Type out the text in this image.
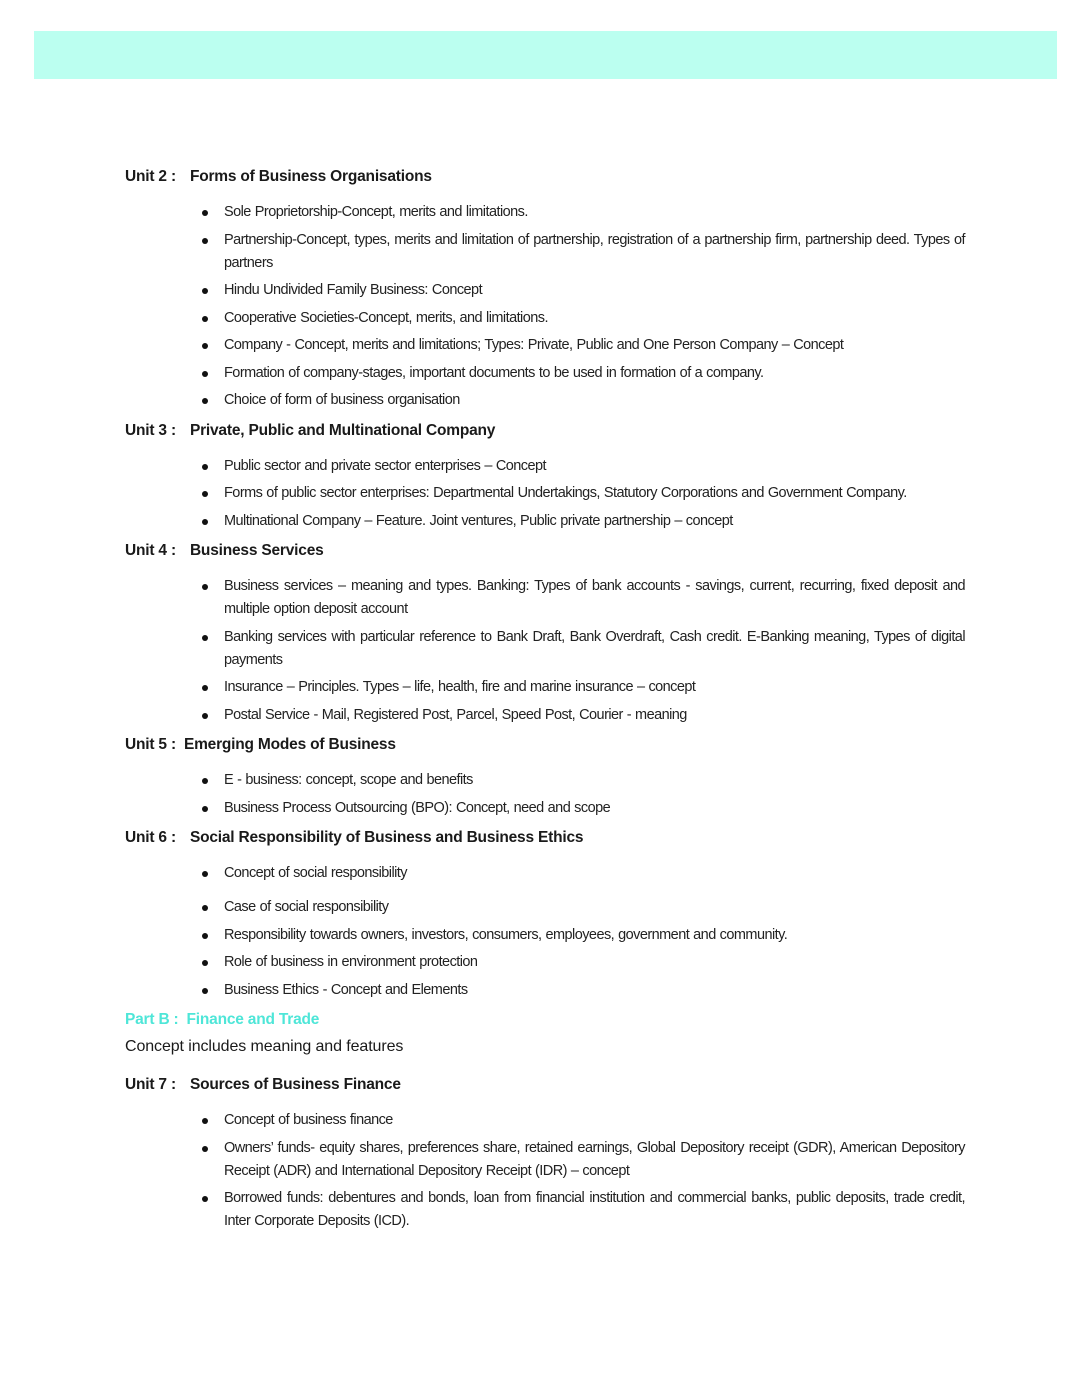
Unit 2 : Forms of Business Organisations
Sole Proprietorship-Concept, merits and limitations.
Partnership-Concept, types, merits and limitation of partnership, registration of a partnership firm, partnership deed. Types of partners
Hindu Undivided Family Business: Concept
Cooperative Societies-Concept, merits, and limitations.
Company - Concept, merits and limitations; Types: Private, Public and One Person Company – Concept
Formation of company-stages, important documents to be used in formation of a company.
Choice of form of business organisation
Unit 3 : Private, Public and Multinational Company
Public sector and private sector enterprises – Concept
Forms of public sector enterprises: Departmental Undertakings, Statutory Corporations and Government Company.
Multinational Company – Feature. Joint ventures, Public private partnership – concept
Unit 4 : Business Services
Business services – meaning and types. Banking: Types of bank accounts - savings, current, recurring, fixed deposit and multiple option deposit account
Banking services with particular reference to Bank Draft, Bank Overdraft, Cash credit. E-Banking meaning, Types of digital payments
Insurance – Principles. Types – life, health, fire and marine insurance – concept
Postal Service - Mail, Registered Post, Parcel, Speed Post, Courier - meaning
Unit 5 : Emerging Modes of Business
E - business: concept, scope and benefits
Business Process Outsourcing (BPO): Concept, need and scope
Unit 6 : Social Responsibility of Business and Business Ethics
Concept of social responsibility
Case of social responsibility
Responsibility towards owners, investors, consumers, employees, government and community.
Role of business in environment protection
Business Ethics - Concept and Elements
Part B : Finance and Trade

Concept includes meaning and features

Unit 7 : Sources of Business Finance
Concept of business finance
Owners’ funds- equity shares, preferences share, retained earnings, Global Depository receipt (GDR), American Depository Receipt (ADR) and International Depository Receipt (IDR) – concept
Borrowed funds: debentures and bonds, loan from financial institution and commercial banks, public deposits, trade credit, Inter Corporate Deposits (ICD).
